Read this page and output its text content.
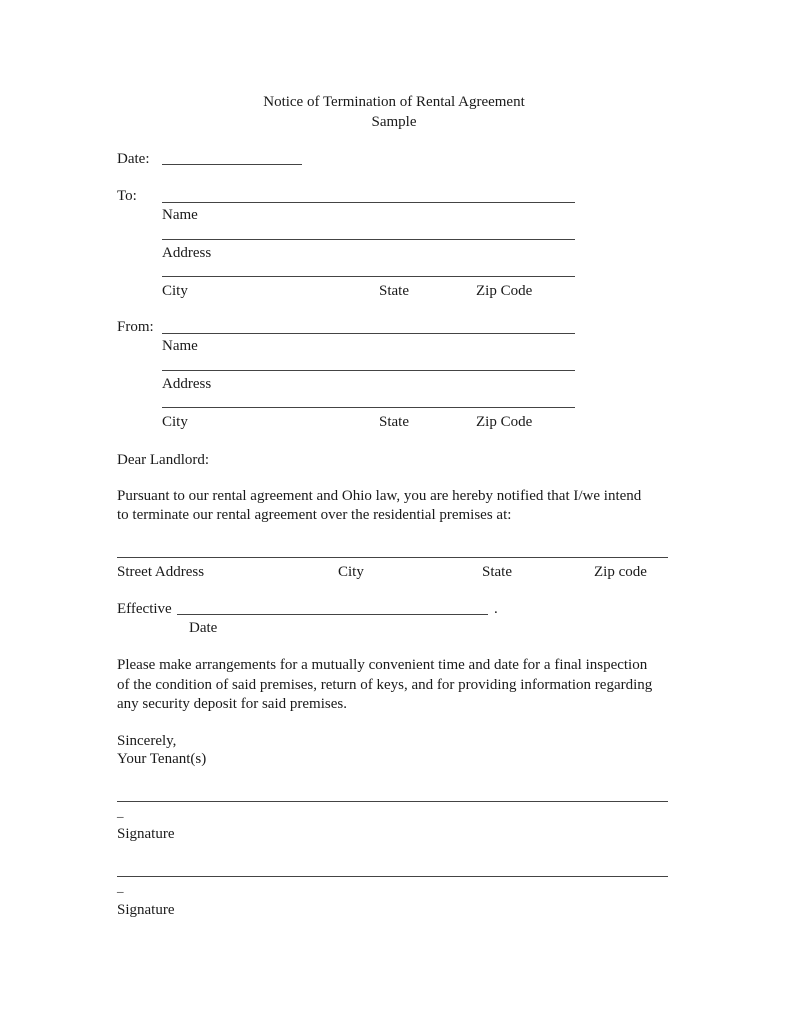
Notice of Termination of Rental Agreement
Sample
Date:
To:
Name
Address
City	State	Zip Code
From:
Name
Address
City	State	Zip Code
Dear Landlord:
Pursuant to our rental agreement and Ohio law, you are hereby notified that I/we intend
to terminate our rental agreement over the residential premises at:
Street Address	City	State	Zip code
Effective	.
Date
Please make arrangements for a mutually convenient time and date for a final inspection
of the condition of said premises, return of keys, and for providing information regarding
any security deposit for said premises.
Sincerely,
Your Tenant(s)
_
Signature
_
Signature
